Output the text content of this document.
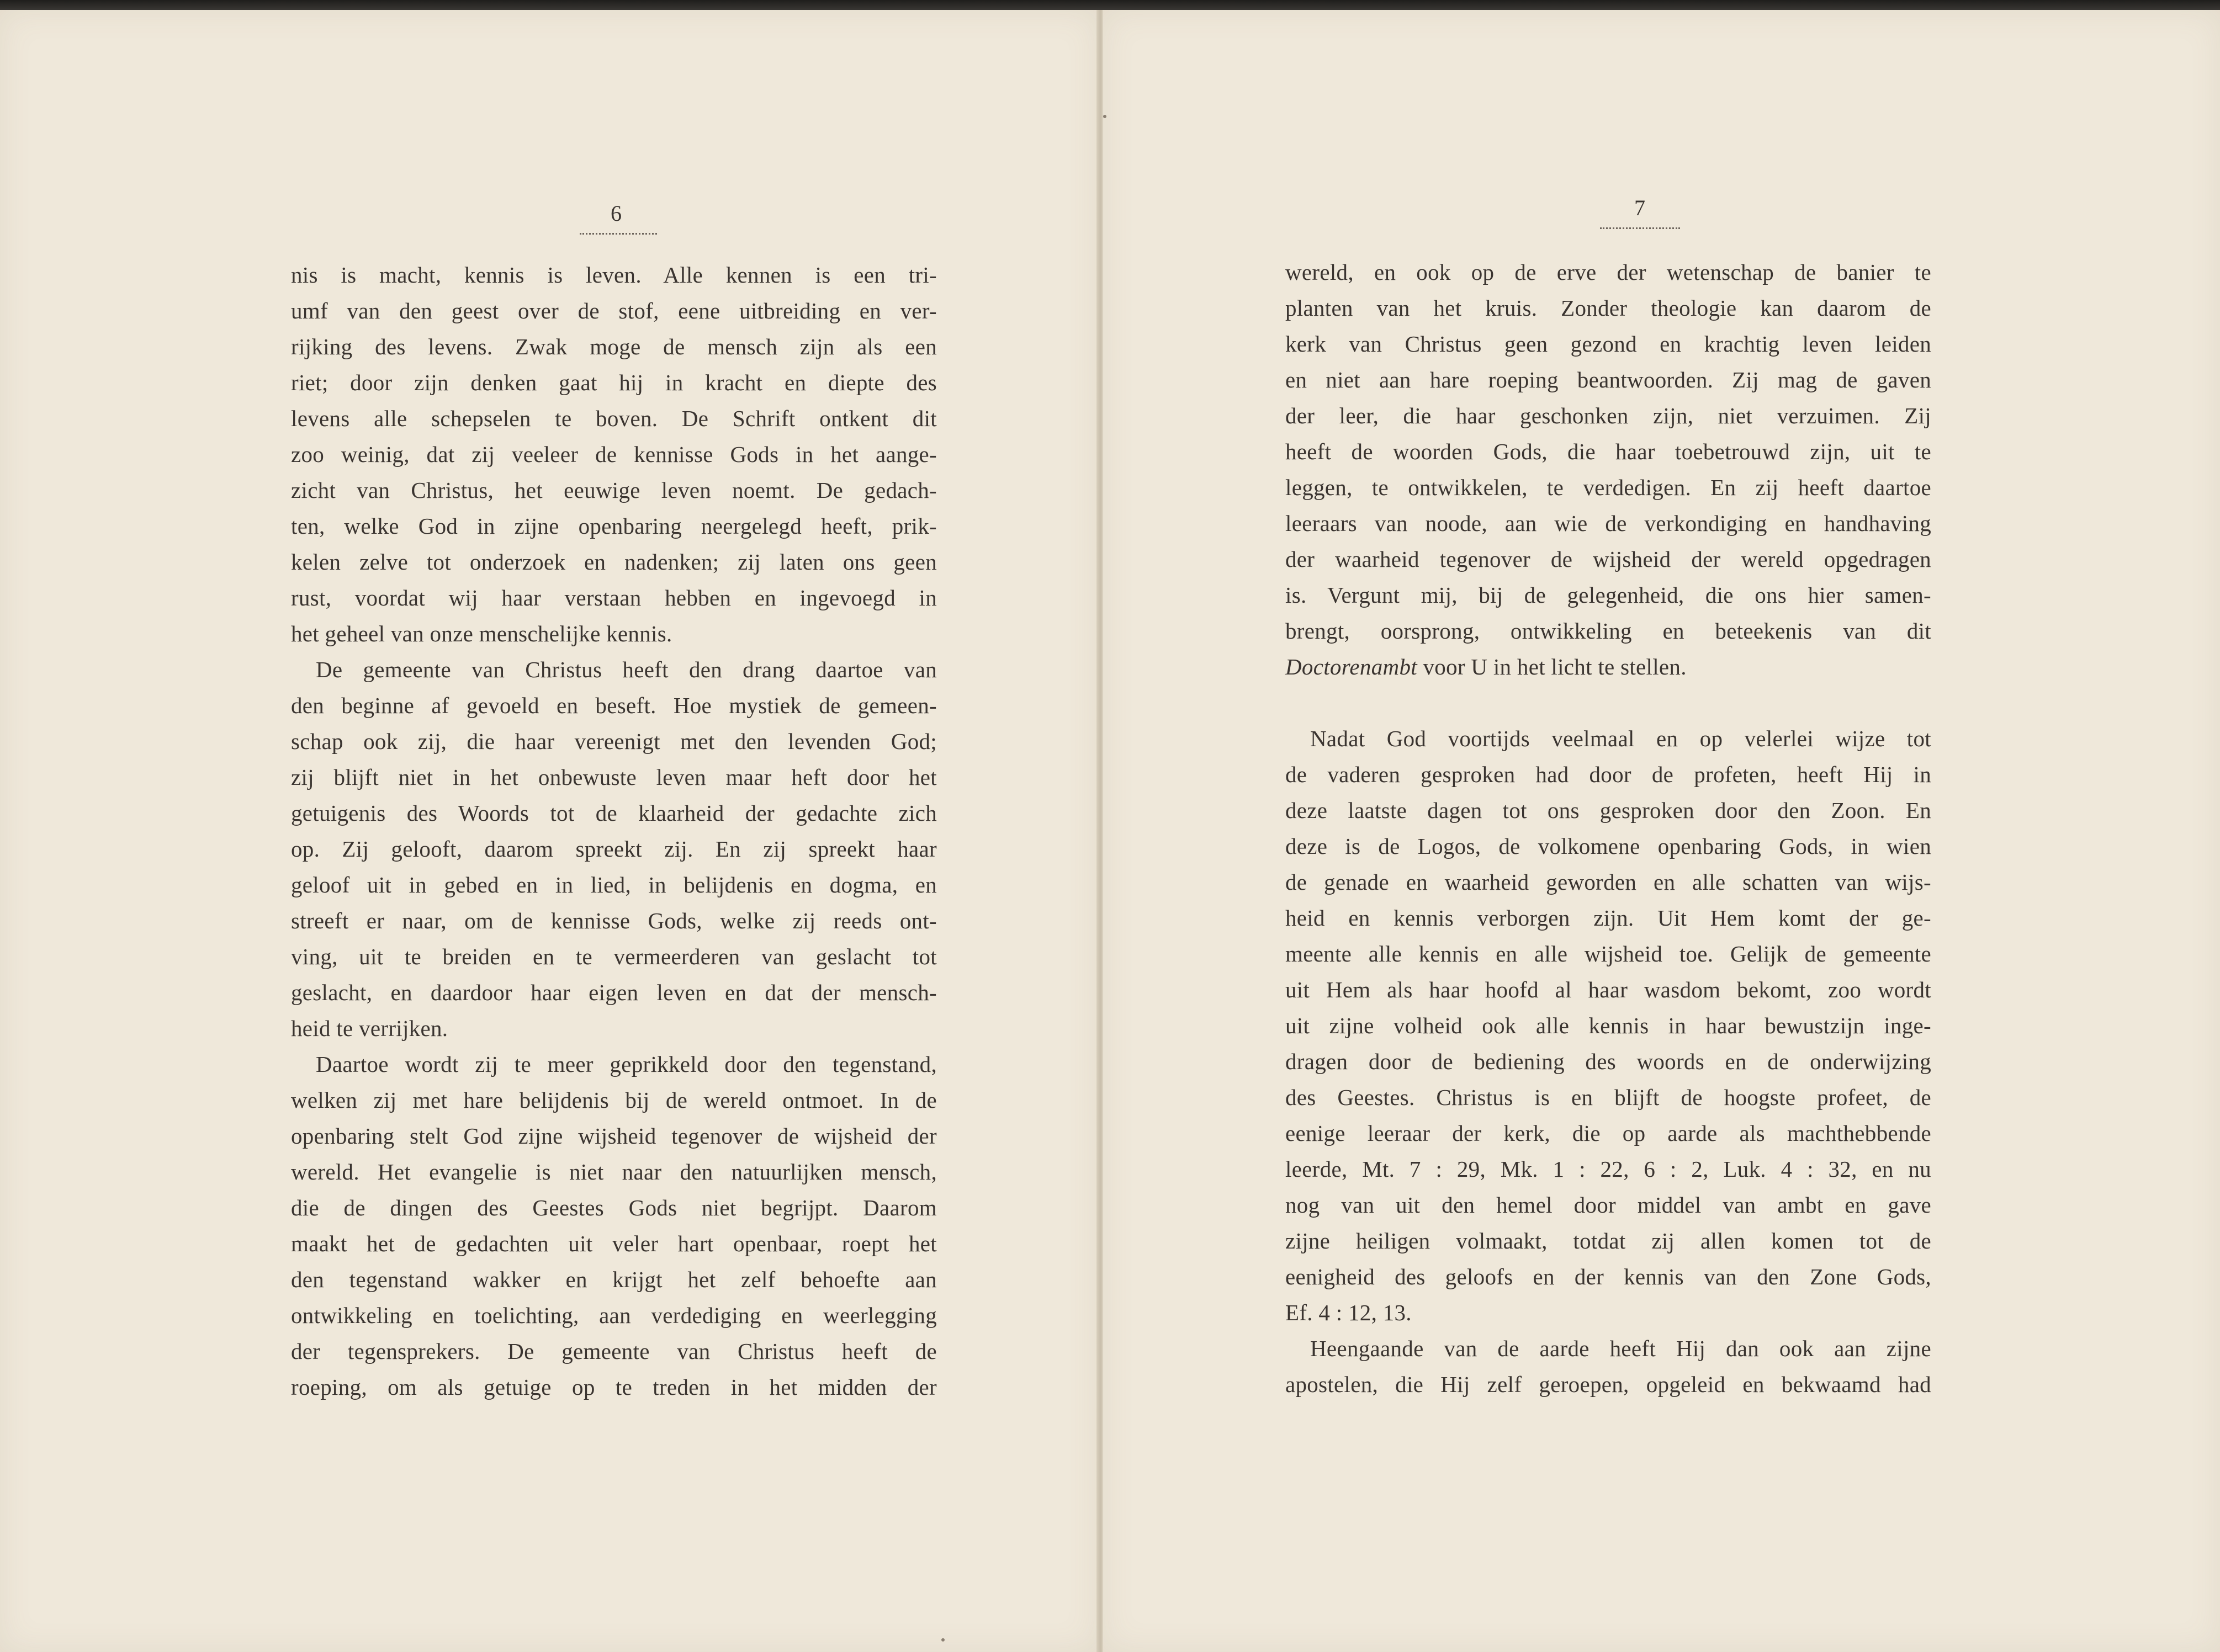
6
nis is macht, kennis is leven. Alle kennen is een tri-
umf van den geest over de stof, eene uitbreiding en ver-
rijking des levens. Zwak moge de mensch zijn als een
riet; door zijn denken gaat hij in kracht en diepte des
levens alle schepselen te boven. De Schrift ontkent dit
zoo weinig, dat zij veeleer de kennisse Gods in het aange-
zicht van Christus, het eeuwige leven noemt. De gedach-
ten, welke God in zijne openbaring neergelegd heeft, prik-
kelen zelve tot onderzoek en nadenken; zij laten ons geen
rust, voordat wij haar verstaan hebben en ingevoegd in
het geheel van onze menschelijke kennis.
De gemeente van Christus heeft den drang daartoe van
den beginne af gevoeld en beseft. Hoe mystiek de gemeen-
schap ook zij, die haar vereenigt met den levenden God;
zij blijft niet in het onbewuste leven maar heft door het
getuigenis des Woords tot de klaarheid der gedachte zich
op. Zij gelooft, daarom spreekt zij. En zij spreekt haar
geloof uit in gebed en in lied, in belijdenis en dogma, en
streeft er naar, om de kennisse Gods, welke zij reeds ont-
ving, uit te breiden en te vermeerderen van geslacht tot
geslacht, en daardoor haar eigen leven en dat der mensch-
heid te verrijken.
Daartoe wordt zij te meer geprikkeld door den tegenstand,
welken zij met hare belijdenis bij de wereld ontmoet. In de
openbaring stelt God zijne wijsheid tegenover de wijsheid der
wereld. Het evangelie is niet naar den natuurlijken mensch,
die de dingen des Geestes Gods niet begrijpt. Daarom
maakt het de gedachten uit veler hart openbaar, roept het
den tegenstand wakker en krijgt het zelf behoefte aan
ontwikkeling en toelichting, aan verdediging en weerlegging
der tegensprekers. De gemeente van Christus heeft de
roeping, om als getuige op te treden in het midden der
7
wereld, en ook op de erve der wetenschap de banier te
planten van het kruis. Zonder theologie kan daarom de
kerk van Christus geen gezond en krachtig leven leiden
en niet aan hare roeping beantwoorden. Zij mag de gaven
der leer, die haar geschonken zijn, niet verzuimen. Zij
heeft de woorden Gods, die haar toebetrouwd zijn, uit te
leggen, te ontwikkelen, te verdedigen. En zij heeft daartoe
leeraars van noode, aan wie de verkondiging en handhaving
der waarheid tegenover de wijsheid der wereld opgedragen
is. Vergunt mij, bij de gelegenheid, die ons hier samen-
brengt, oorsprong, ontwikkeling en beteekenis van dit
Doctorenambt voor U in het licht te stellen.
Nadat God voortijds veelmaal en op velerlei wijze tot
de vaderen gesproken had door de profeten, heeft Hij in
deze laatste dagen tot ons gesproken door den Zoon. En
deze is de Logos, de volkomene openbaring Gods, in wien
de genade en waarheid geworden en alle schatten van wijs-
heid en kennis verborgen zijn. Uit Hem komt der ge-
meente alle kennis en alle wijsheid toe. Gelijk de gemeente
uit Hem als haar hoofd al haar wasdom bekomt, zoo wordt
uit zijne volheid ook alle kennis in haar bewustzijn inge-
dragen door de bediening des woords en de onderwijzing
des Geestes. Christus is en blijft de hoogste profeet, de
eenige leeraar der kerk, die op aarde als machthebbende
leerde, Mt. 7 : 29, Mk. 1 : 22, 6 : 2, Luk. 4 : 32, en nu
nog van uit den hemel door middel van ambt en gave
zijne heiligen volmaakt, totdat zij allen komen tot de
eenigheid des geloofs en der kennis van den Zone Gods,
Ef. 4 : 12, 13.
Heengaande van de aarde heeft Hij dan ook aan zijne
apostelen, die Hij zelf geroepen, opgeleid en bekwaamd had
